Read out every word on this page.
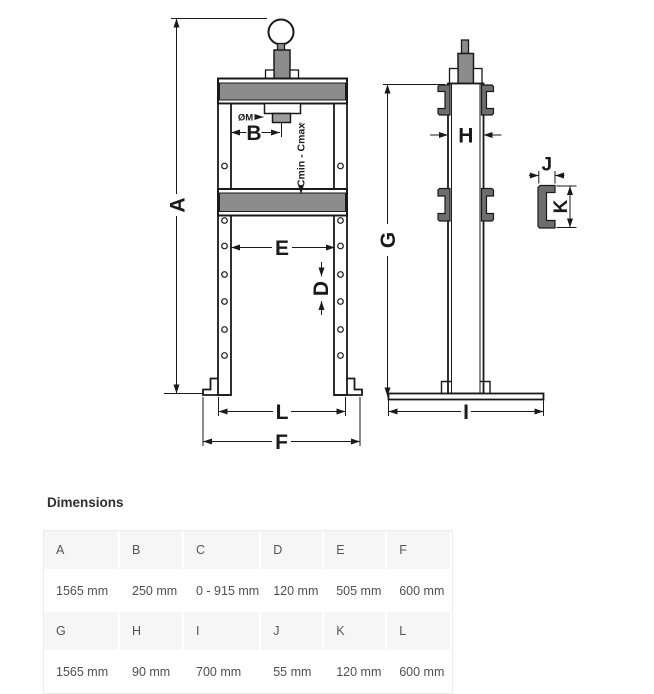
A
B
ØM
Cmin - Cmax
E
D
L
F
G
H
I
J
K
Dimensions
A	B	C	D	E	F
1565 mm	250 mm	0 - 915 mm	120 mm	505 mm	600 mm
G	H	I	J	K	L
1565 mm	90 mm	700 mm	55 mm	120 mm	600 mm
